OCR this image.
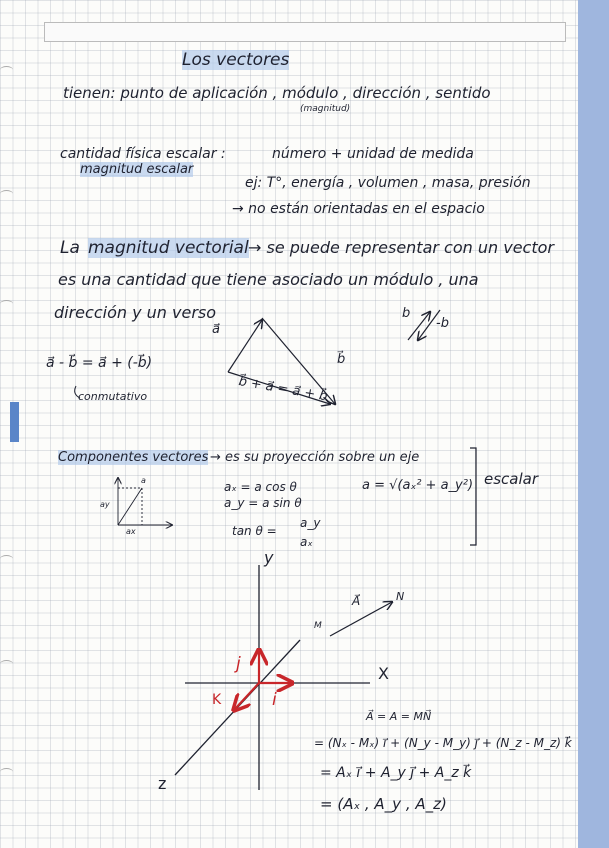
Los vectores
tienen: punto de aplicación , módulo , dirección , sentido
(magnitud)
cantidad física escalar :
magnitud escalar
número + unidad de medida
ej: T°, energía , volumen , masa, presión
→ no están orientadas en el espacio
La magnitud vectorial → se puede representar con un vector
es una cantidad que tiene asociado un módulo , una
dirección y un verso
a⃗
b⃗
b⃗ + a⃗ = a⃗ + b⃗
b
-b
a⃗ - b⃗ = a⃗ + (-b⃗)
conmutativo
Componentes vectores → es su proyección sobre un eje
aₓ = a cos θ
a_y = a sin θ
tan θ =
a_y
aₓ
a = √(aₓ² + a_y²) escalar
ay
ax
a
y
X
z
i
j
K
A⃗	N
M
A⃗ = A = MN⃗
= (Nₓ - Mₓ) i⃗ + (N_y - M_y) j⃗ + (N_z - M_z) k⃗
= Aₓ i⃗ + A_y j⃗ + A_z k⃗
= (Aₓ , A_y , A_z)
